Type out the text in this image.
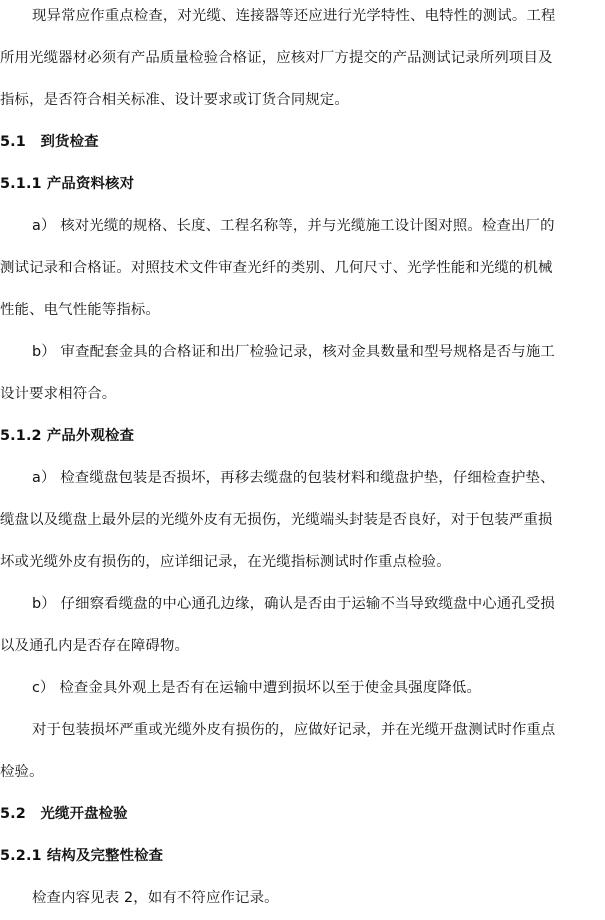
现异常应作重点检查，对光缆、连接器等还应进行光学特性、电特性的测试。工程
所用光缆器材必须有产品质量检验合格证，应核对厂方提交的产品测试记录所列项目及
指标，是否符合相关标准、设计要求或订货合同规定。
5.1　到货检查
5.1.1 产品资料核对
a） 核对光缆的规格、长度、工程名称等，并与光缆施工设计图对照。检查出厂的
测试记录和合格证。对照技术文件审查光纤的类别、几何尺寸、光学性能和光缆的机械
性能、电气性能等指标。
b） 审查配套金具的合格证和出厂检验记录，核对金具数量和型号规格是否与施工
设计要求相符合。
5.1.2 产品外观检查
a） 检查缆盘包装是否损坏，再移去缆盘的包装材料和缆盘护垫，仔细检查护垫、
缆盘以及缆盘上最外层的光缆外皮有无损伤，光缆端头封装是否良好，对于包装严重损
坏或光缆外皮有损伤的，应详细记录，在光缆指标测试时作重点检验。
b） 仔细察看缆盘的中心通孔边缘，确认是否由于运输不当导致缆盘中心通孔受损
以及通孔内是否存在障碍物。
c） 检查金具外观上是否有在运输中遭到损坏以至于使金具强度降低。
对于包装损坏严重或光缆外皮有损伤的，应做好记录，并在光缆开盘测试时作重点
检验。
5.2　光缆开盘检验
5.2.1 结构及完整性检查
检查内容见表 2，如有不符应作记录。
